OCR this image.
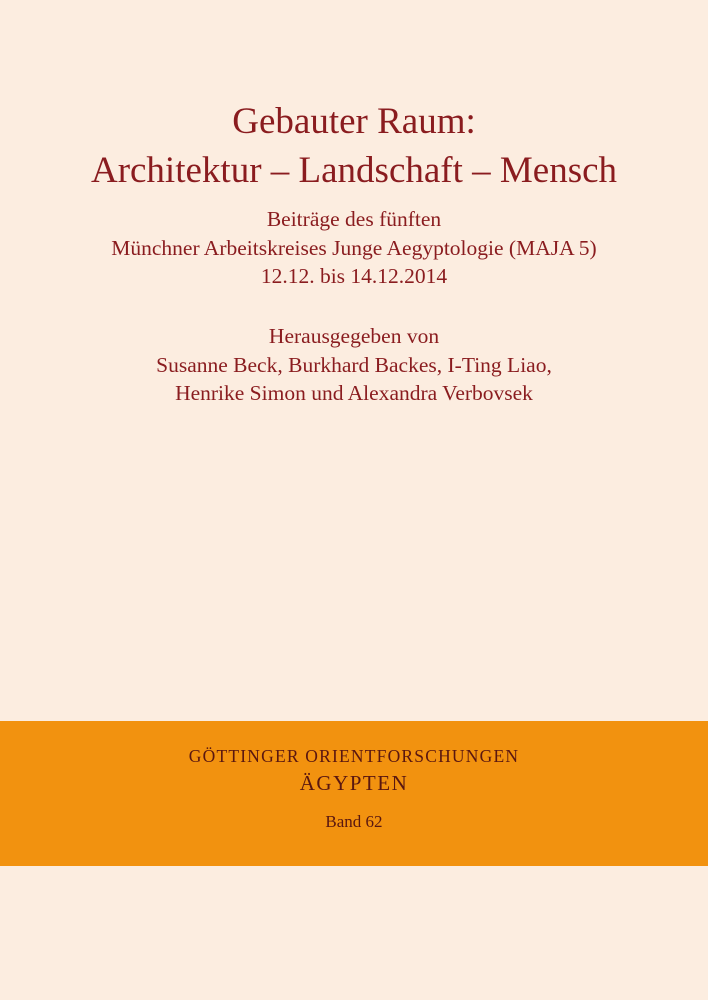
Gebauter Raum:
Architektur – Landschaft – Mensch
Beiträge des fünften
Münchner Arbeitskreises Junge Aegyptologie (MAJA 5)
12.12. bis 14.12.2014
Herausgegeben von
Susanne Beck, Burkhard Backes, I-Ting Liao,
Henrike Simon und Alexandra Verbovsek
GÖTTINGER ORIENTFORSCHUNGEN
ÄGYPTEN
Band 62
